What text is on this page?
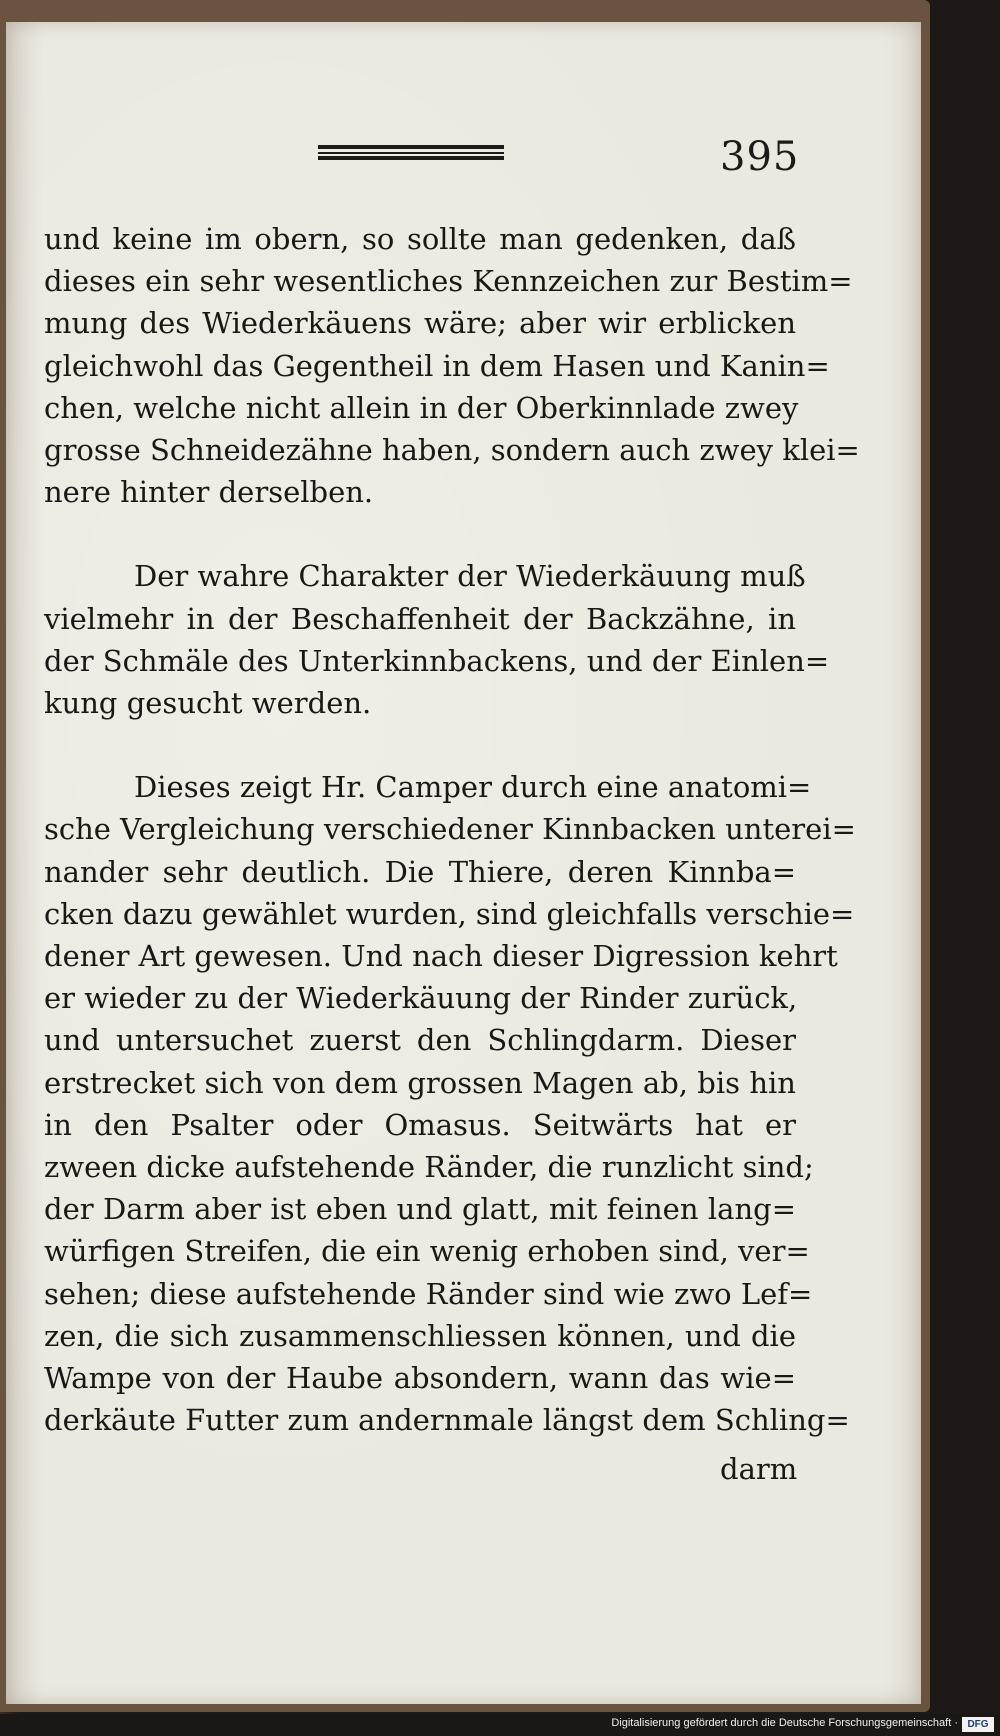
395
und keine im obern, so sollte man gedenken, daß
dieses ein sehr wesentliches Kennzeichen zur Bestim=
mung des Wiederkäuens wäre; aber wir erblicken
gleichwohl das Gegentheil in dem Hasen und Kanin=
chen, welche nicht allein in der Oberkinnlade zwey
grosse Schneidezähne haben, sondern auch zwey klei=
nere hinter derselben.
Der wahre Charakter der Wiederkäuung muß
vielmehr in der Beschaffenheit der Backzähne, in
der Schmäle des Unterkinnbackens, und der Einlen=
kung gesucht werden.
Dieses zeigt Hr. Camper durch eine anatomi=
sche Vergleichung verschiedener Kinnbacken unterei=
nander sehr deutlich. Die Thiere, deren Kinnba=
cken dazu gewählet wurden, sind gleichfalls verschie=
dener Art gewesen. Und nach dieser Digression kehrt
er wieder zu der Wiederkäuung der Rinder zurück,
und untersuchet zuerst den Schlingdarm. Dieser
erstrecket sich von dem grossen Magen ab, bis hin
in den Psalter oder Omasus. Seitwärts hat er
zween dicke aufstehende Ränder, die runzlicht sind;
der Darm aber ist eben und glatt, mit feinen lang=
würfigen Streifen, die ein wenig erhoben sind, ver=
sehen; diese aufstehende Ränder sind wie zwo Lef=
zen, die sich zusammenschliessen können, und die
Wampe von der Haube absondern, wann das wie=
derkäute Futter zum andernmale längst dem Schling=
darm
Digitalisierung gefördert durch die Deutsche Forschungsgemeinschaft · DFG
